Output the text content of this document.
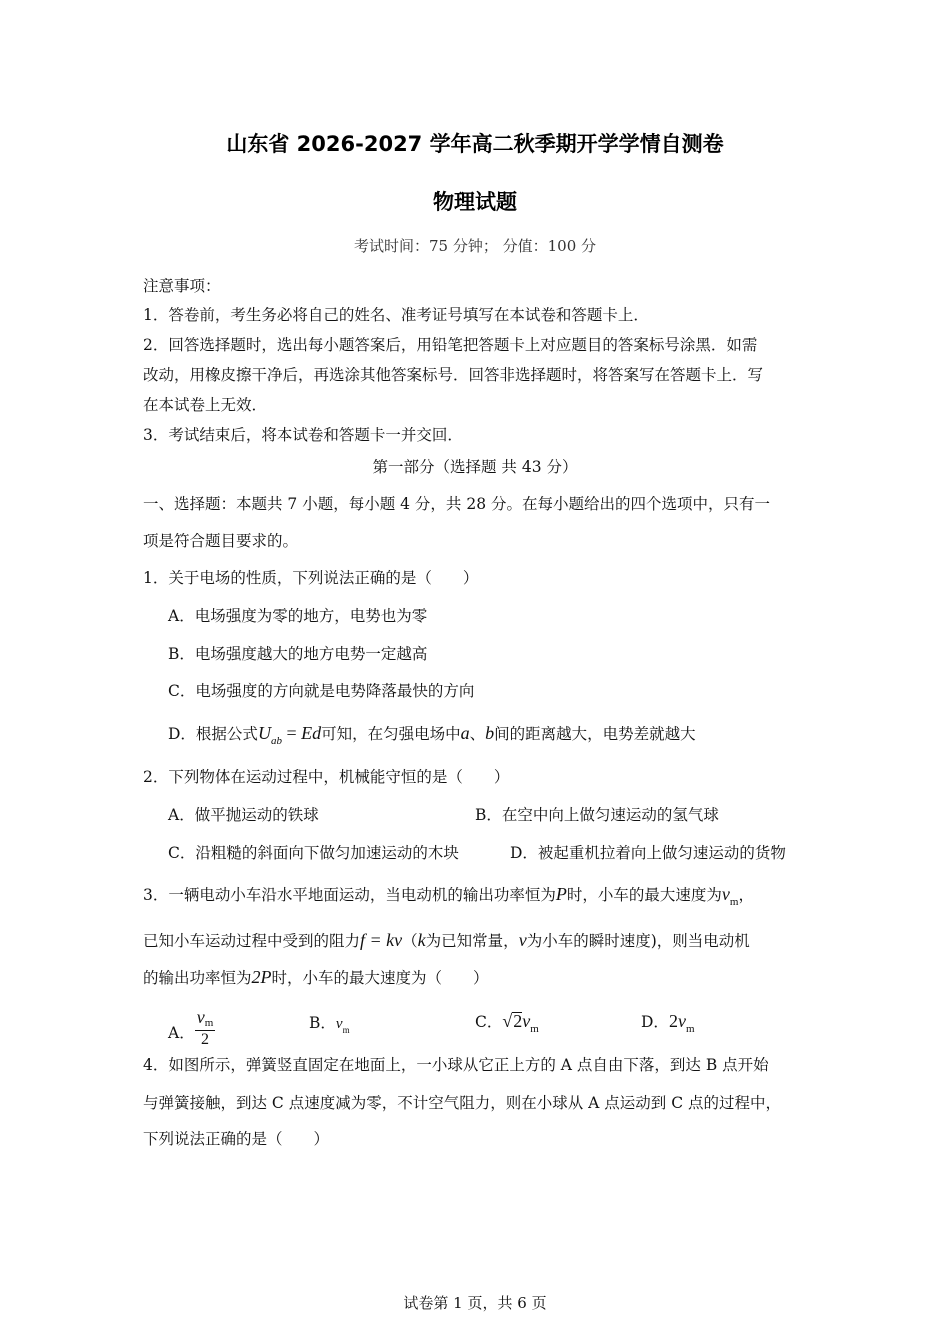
山东省 2026-2027 学年高二秋季期开学学情自测卷
物理试题
考试时间：75 分钟； 分值：100 分
注意事项：
1．答卷前，考生务必将自己的姓名、准考证号填写在本试卷和答题卡上．
2．回答选择题时，选出每小题答案后，用铅笔把答题卡上对应题目的答案标号涂黑．如需
改动，用橡皮擦干净后，再选涂其他答案标号．回答非选择题时，将答案写在答题卡上．写
在本试卷上无效．
3．考试结束后，将本试卷和答题卡一并交回．
第一部分（选择题 共 43 分）
一、选择题：本题共 7 小题，每小题 4 分，共 28 分。在每小题给出的四个选项中，只有一
项是符合题目要求的。
1．关于电场的性质，下列说法正确的是（　　）
A．电场强度为零的地方，电势也为零
B．电场强度越大的地方电势一定越高
C．电场强度的方向就是电势降落最快的方向
D．根据公式$U_{ab} = Ed$可知，在匀强电场中a、b间的距离越大，电势差就越大
2．下列物体在运动过程中，机械能守恒的是（　　）
A．做平抛运动的铁球	B．在空中向上做匀速运动的氢气球
C．沿粗糙的斜面向下做匀加速运动的木块	D．被起重机拉着向上做匀速运动的货物
3．一辆电动小车沿水平地面运动，当电动机的输出功率恒为P时，小车的最大速度为$v_m$，
已知小车运动过程中受到的阻力f = kv（k为已知常量，v为小车的瞬时速度)，则当电动机
的输出功率恒为2P时，小车的最大速度为（　　）
A． $\frac{vm}{2}$	B．$v_m$	C．$√2v_m$	D．$2v_m$
4．如图所示，弹簧竖直固定在地面上，一小球从它正上方的 A 点自由下落，到达 B 点开始
与弹簧接触，到达 C 点速度减为零，不计空气阻力，则在小球从 A 点运动到 C 点的过程中，
下列说法正确的是（　　）
试卷第 1 页，共 6 页
